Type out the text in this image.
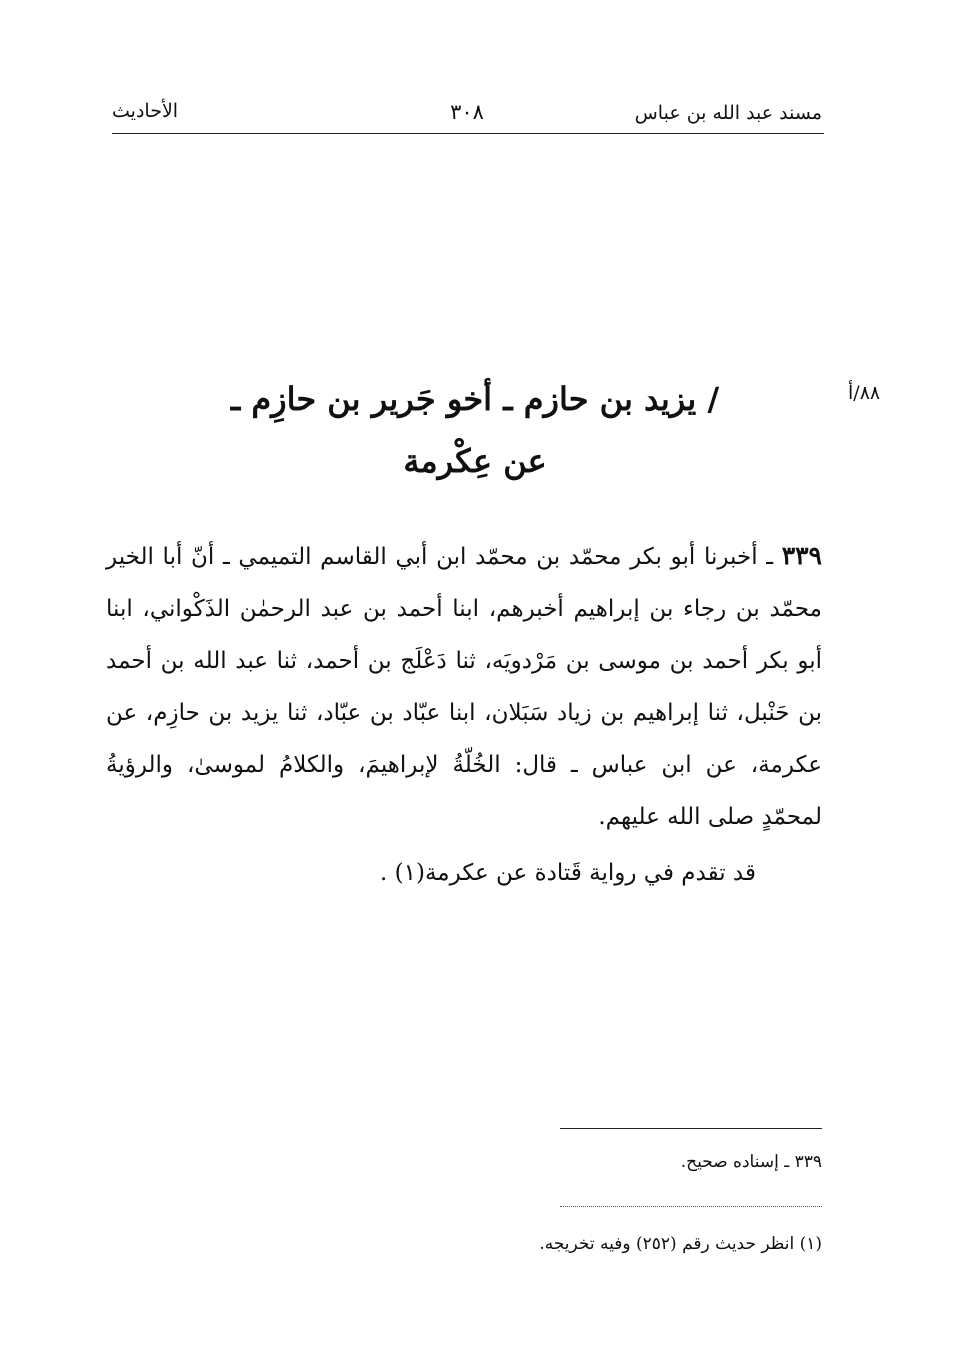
مسند عبد الله بن عباس
٣٠٨
الأحاديث
٨٨/أ
/ يزيد بن حازم ـ أخو جَرير بن حازِم ـ
عن عِكْرمة

٣٣٩ ـ أخبرنا أبو بكر محمّد بن محمّد ابن أبي القاسم التميمي ـ أنّ أبا الخير محمّد بن رجاء بن إبراهيم أخبرهم، ابنا أحمد بن عبد الرحمٰن الذَكْواني، ابنا أبو بكر أحمد بن موسى بن مَرْدويَه، ثنا دَعْلَج بن أحمد، ثنا عبد الله بن أحمد بن حَنْبل، ثنا إبراهيم بن زياد سَبَلان، ابنا عبّاد بن عبّاد، ثنا يزيد بن حازِم، عن عكرمة، عن ابن عباس ـ قال: الخُلّةُ لإبراهيمَ، والكلامُ لموسىٰ، والرؤيةُ لمحمّدٍ صلى الله عليهم.

قد تقدم في رواية قَتادة عن عكرمة(١) .

٣٣٩ ـ إسناده صحيح.
(١) انظر حديث رقم (٢٥٢) وفيه تخريجه.
